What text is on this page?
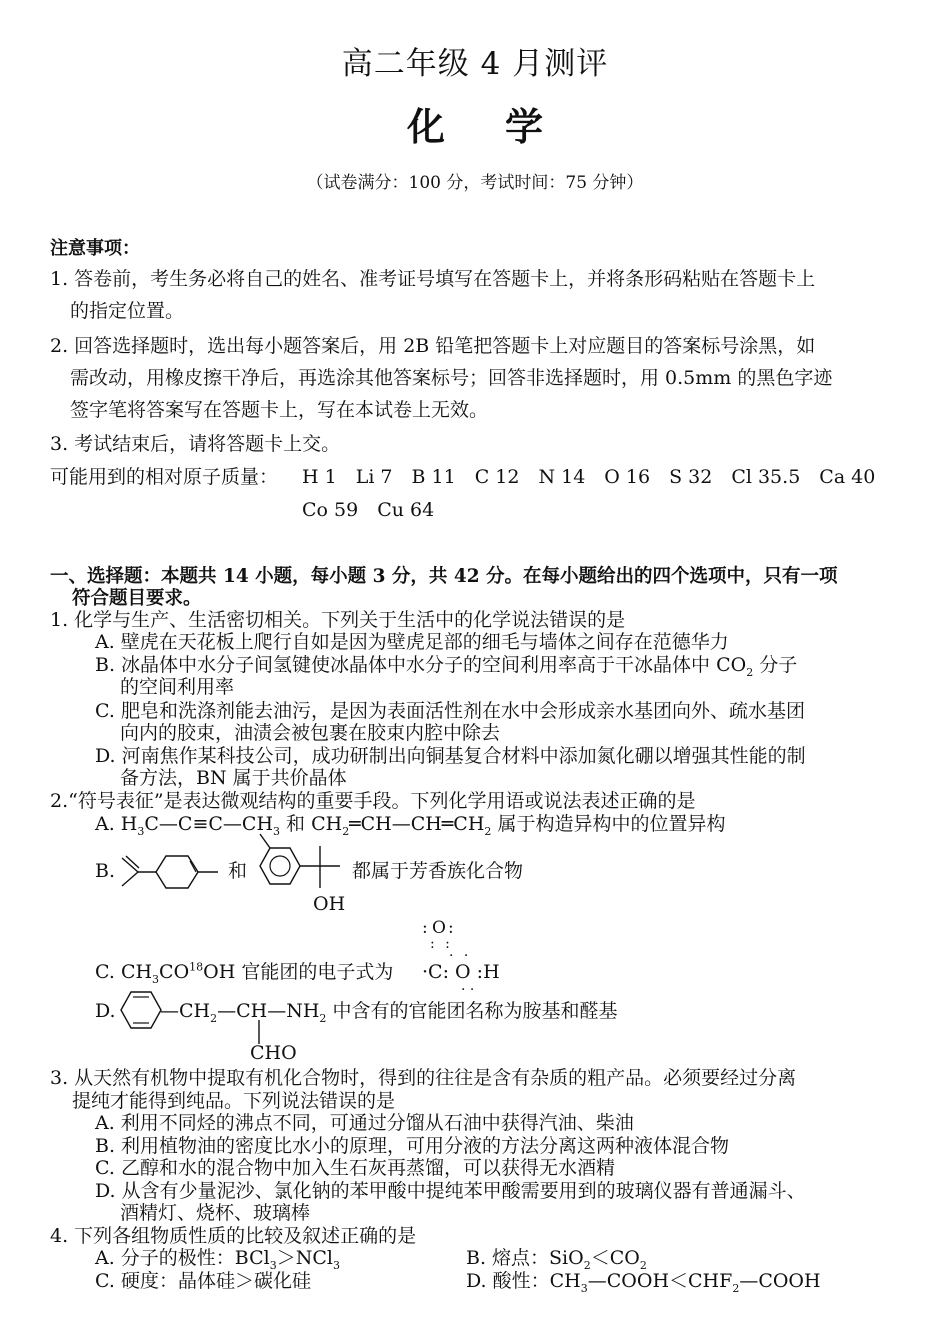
高二年级 4 月测评
化学
（试卷满分：100 分，考试时间：75 分钟）
注意事项：
1. 答卷前，考生务必将自己的姓名、准考证号填写在答题卡上，并将条形码粘贴在答题卡上
的指定位置。
2. 回答选择题时，选出每小题答案后，用 2B 铅笔把答题卡上对应题目的答案标号涂黑，如
需改动，用橡皮擦干净后，再选涂其他答案标号；回答非选择题时，用 0.5mm 的黑色字迹
签字笔将答案写在答题卡上，写在本试卷上无效。
3. 考试结束后，请将答题卡上交。
可能用到的相对原子质量： H 1　Li 7　B 11　C 12　N 14　O 16　S 32　Cl 35.5　Ca 40
Co 59　Cu 64
一、选择题：本题共 14 小题，每小题 3 分，共 42 分。在每小题给出的四个选项中，只有一项
符合题目要求。
1. 化学与生产、生活密切相关。下列关于生活中的化学说法错误的是
A. 壁虎在天花板上爬行自如是因为壁虎足部的细毛与墙体之间存在范德华力
B. 冰晶体中水分子间氢键使冰晶体中水分子的空间利用率高于干冰晶体中 $CO_2$ 分子
的空间利用率
C. 肥皂和洗涤剂能去油污，是因为表面活性剂在水中会形成亲水基团向外、疏水基团
向内的胶束，油渍会被包裹在胶束内腔中除去
D. 河南焦作某科技公司，成功研制出向铜基复合材料中添加氮化硼以增强其性能的制
备方法，BN 属于共价晶体
2.“符号表征”是表达微观结构的重要手段。下列化学用语或说法表述正确的是
A. $H_3C—C\equiv C—CH_3$ 和 $CH_2═CH—CH═CH_2$ 属于构造异构中的位置异构
B.	和	都属于芳香族化合物
OH
: O :
: :
· ·
C. $CH_3CO^{18}OH$ 官能团的电子式为 ·C: O :H
· ·
D. $—CH_2—CH—NH_2$ 中含有的官能团名称为胺基和醛基
CHO
3. 从天然有机物中提取有机化合物时，得到的往往是含有杂质的粗产品。必须要经过分离
提纯才能得到纯品。下列说法错误的是
A. 利用不同烃的沸点不同，可通过分馏从石油中获得汽油、柴油
B. 利用植物油的密度比水小的原理，可用分液的方法分离这两种液体混合物
C. 乙醇和水的混合物中加入生石灰再蒸馏，可以获得无水酒精
D. 从含有少量泥沙、氯化钠的苯甲酸中提纯苯甲酸需要用到的玻璃仪器有普通漏斗、
酒精灯、烧杯、玻璃棒
4. 下列各组物质性质的比较及叙述正确的是
A. 分子的极性：BCl$_3$＞NCl$_3$	B. 熔点：$SiO_2<CO_2$
C. 硬度：晶体硅＞碳化硅	D. 酸性：$CH_3—COOH<CHF_2—COOH$
